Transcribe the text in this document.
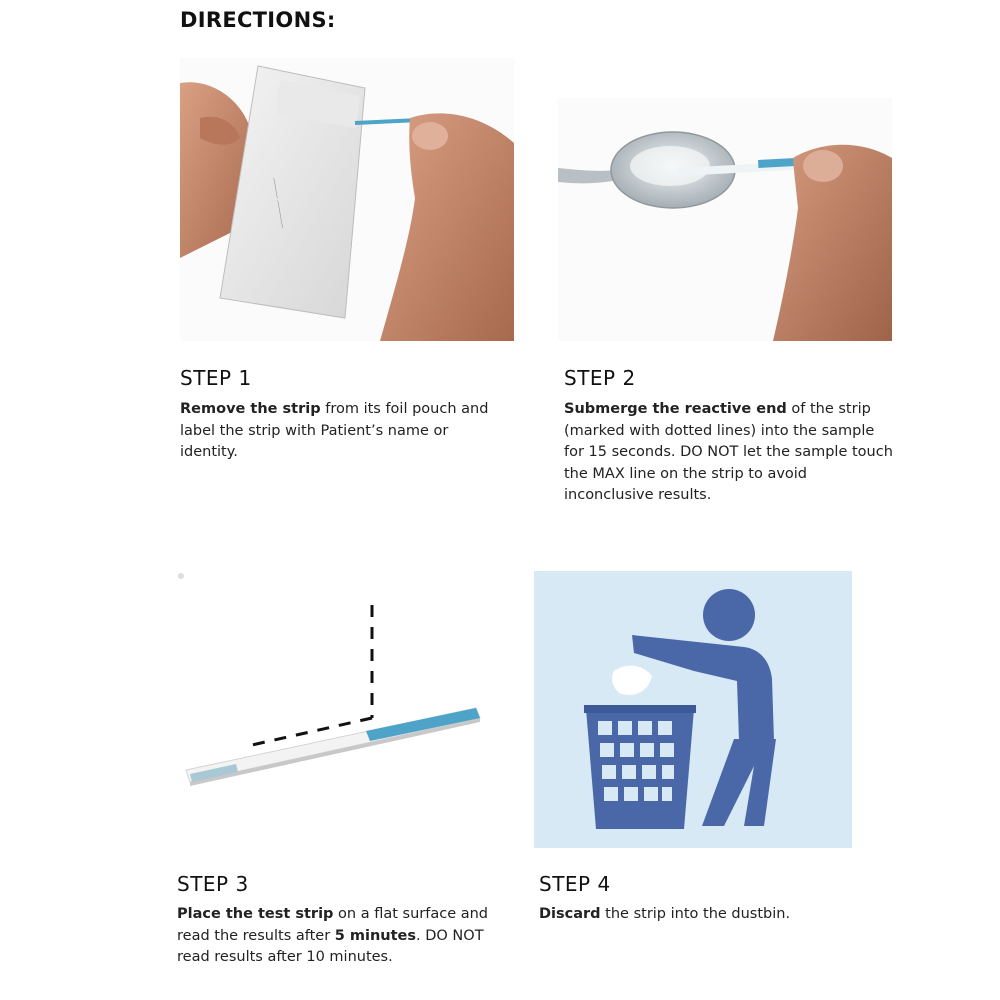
DIRECTIONS:
——— ————
STEP 1
Remove the strip from its foil pouch and label the strip with Patient’s name or identity.
STEP 2
Submerge the reactive end of the strip (marked with dotted lines) into the sample for 15 seconds. DO NOT let the sample touch the MAX line on the strip to avoid inconclusive results.
STEP 3
Place the test strip on a flat surface and read the results after 5 minutes. DO NOT read results after 10 minutes.
STEP 4
Discard the strip into the dustbin.
